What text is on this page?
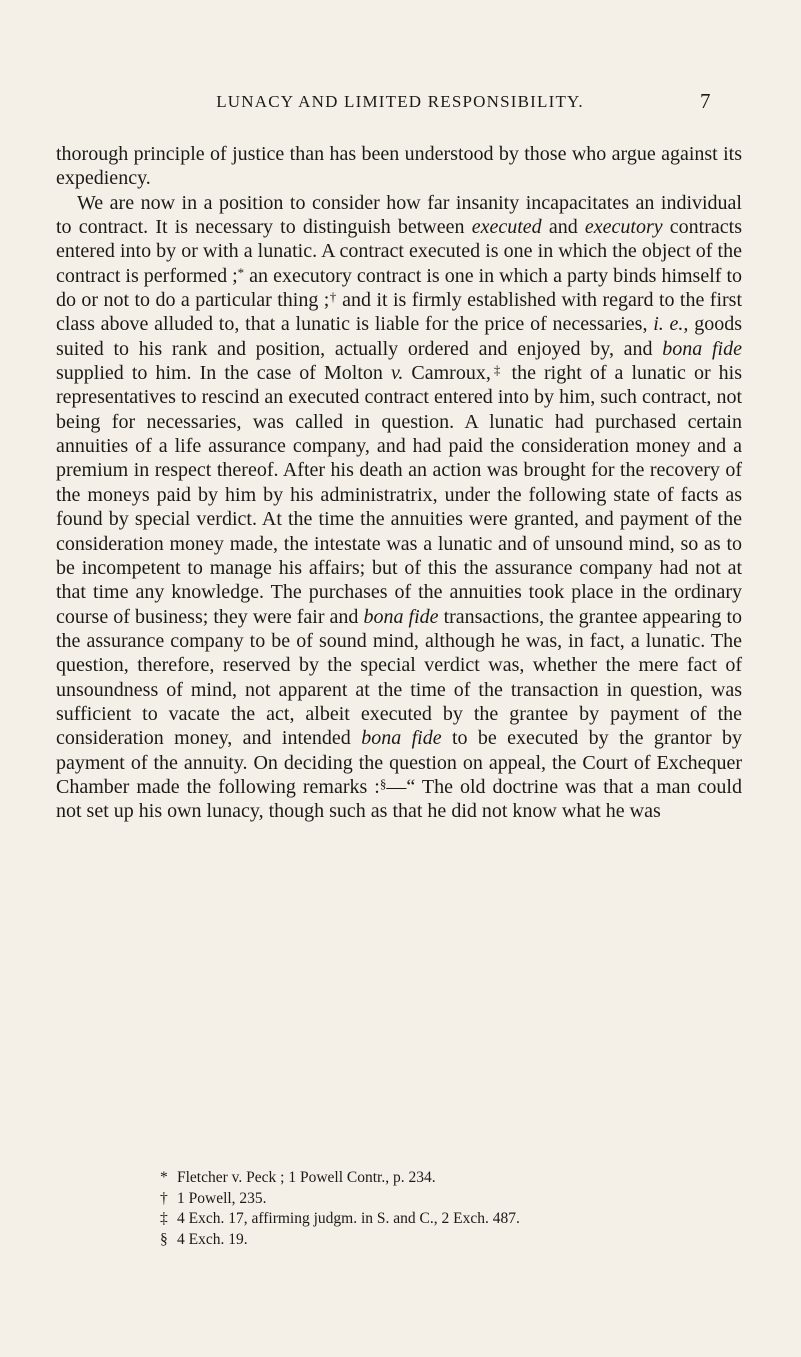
LUNACY AND LIMITED RESPONSIBILITY.	7

thorough principle of justice than has been understood by those who argue against its expediency.

We are now in a position to consider how far insanity incapacitates an individual to contract. It is necessary to distinguish between executed and executory contracts entered into by or with a lunatic. A contract executed is one in which the object of the contract is performed ;* an executory contract is one in which a party binds himself to do or not to do a particular thing ;† and it is firmly established with regard to the first class above alluded to, that a lunatic is liable for the price of necessaries, i. e., goods suited to his rank and position, actually ordered and enjoyed by, and bona fide supplied to him. In the case of Molton v. Camroux,‡ the right of a lunatic or his representatives to rescind an executed contract entered into by him, such contract, not being for necessaries, was called in question. A lunatic had purchased certain annuities of a life assurance company, and had paid the consideration money and a premium in respect thereof. After his death an action was brought for the recovery of the moneys paid by him by his administratrix, under the following state of facts as found by special verdict. At the time the annuities were granted, and payment of the consideration money made, the intestate was a lunatic and of unsound mind, so as to be incompetent to manage his affairs; but of this the assurance company had not at that time any knowledge. The purchases of the annuities took place in the ordinary course of business; they were fair and bona fide transactions, the grantee appearing to the assurance company to be of sound mind, although he was, in fact, a lunatic. The question, therefore, reserved by the special verdict was, whether the mere fact of unsoundness of mind, not apparent at the time of the transaction in question, was sufficient to vacate the act, albeit executed by the grantee by payment of the consideration money, and intended bona fide to be executed by the grantor by payment of the annuity. On deciding the question on appeal, the Court of Exchequer Chamber made the following remarks :§—“ The old doctrine was that a man could not set up his own lunacy, though such as that he did not know what he was

* Fletcher v. Peck ; 1 Powell Contr., p. 234.
† 1 Powell, 235.
‡ 4 Exch. 17, affirming judgm. in S. and C., 2 Exch. 487.
§ 4 Exch. 19.
